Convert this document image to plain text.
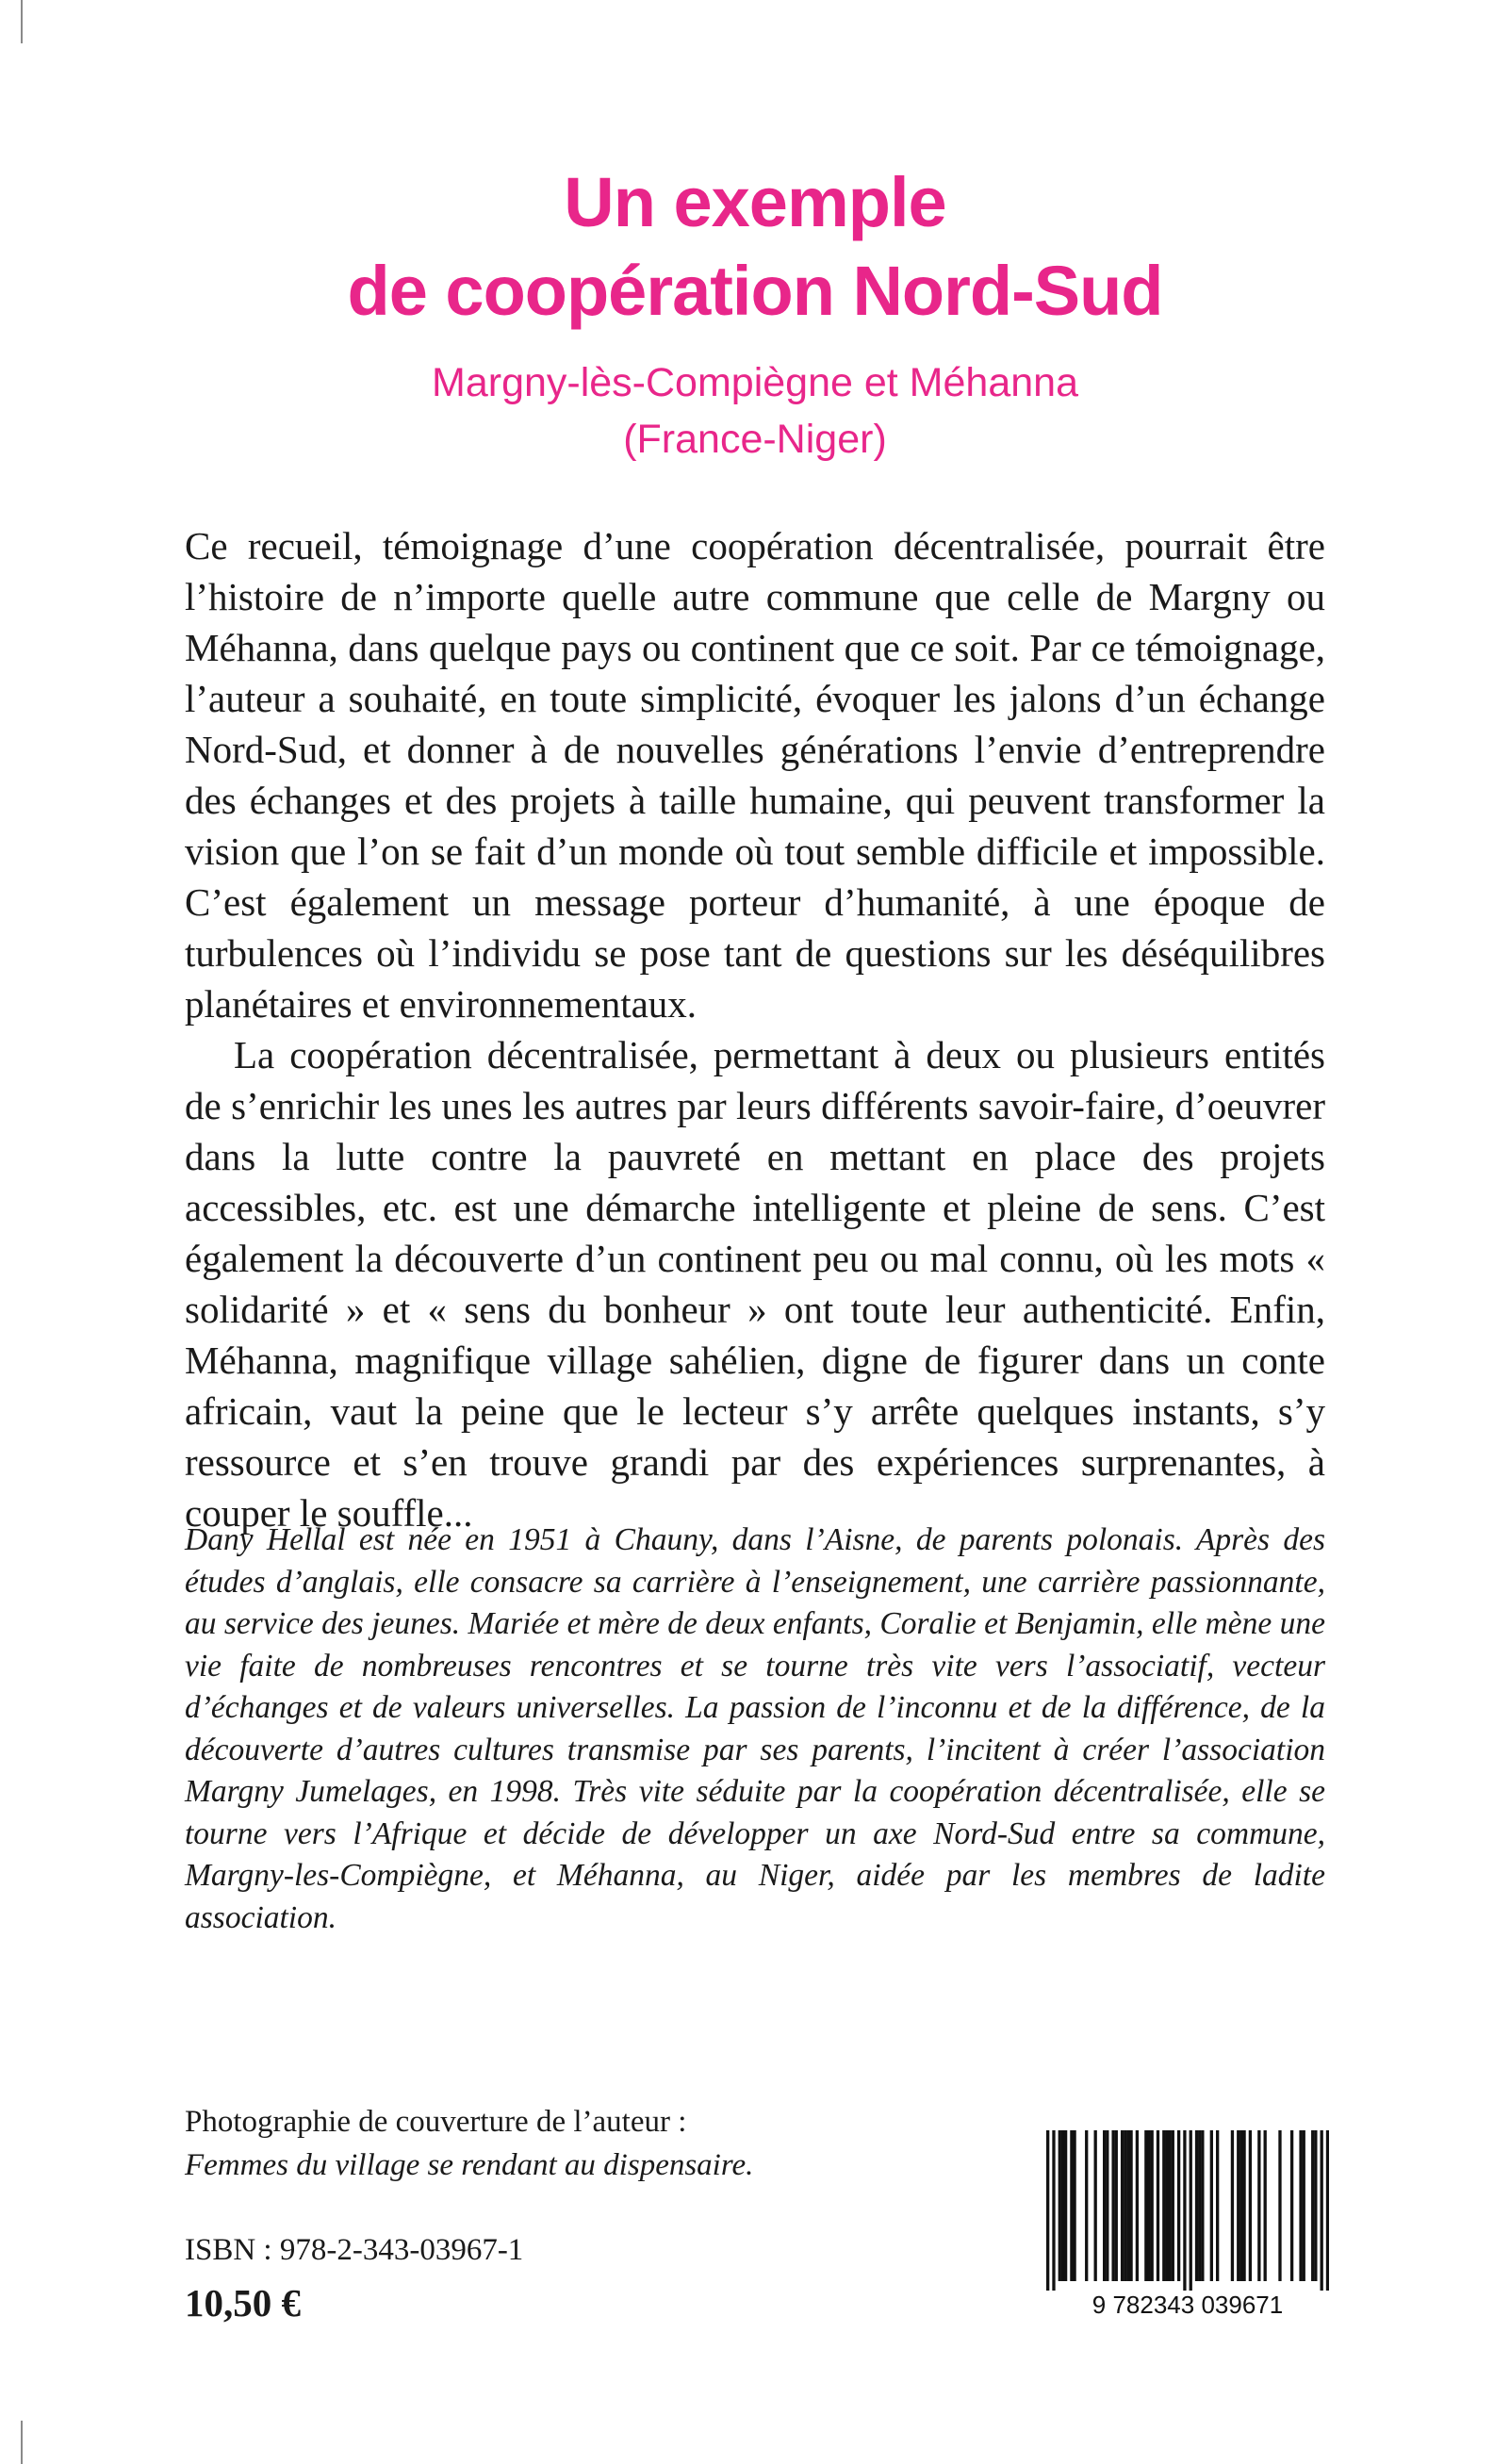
Un exemple
de coopération Nord-Sud
Margny-lès-Compiègne et Méhanna
(France-Niger)

Ce recueil, témoignage d’une coopération décentralisée, pourrait être l’histoire de n’importe quelle autre commune que celle de Margny ou Méhanna, dans quelque pays ou continent que ce soit. Par ce témoignage, l’auteur a souhaité, en toute simplicité, évoquer les jalons d’un échange Nord-Sud, et donner à de nouvelles générations l’envie d’entreprendre des échanges et des projets à taille humaine, qui peuvent transformer la vision que l’on se fait d’un monde où tout semble difficile et impossible. C’est également un message porteur d’humanité, à une époque de turbulences où l’individu se pose tant de questions sur les déséquilibres planétaires et environnementaux.

La coopération décentralisée, permettant à deux ou plusieurs entités de s’enrichir les unes les autres par leurs différents savoir-faire, d’oeuvrer dans la lutte contre la pauvreté en mettant en place des projets accessibles, etc. est une démarche intelligente et pleine de sens. C’est également la découverte d’un continent peu ou mal connu, où les mots « solidarité » et « sens du bonheur » ont toute leur authenticité. Enfin, Méhanna, magnifique village sahélien, digne de figurer dans un conte africain, vaut la peine que le lecteur s’y arrête quelques instants, s’y ressource et s’en trouve grandi par des expériences surprenantes, à couper le souffle...

Dany Hellal est née en 1951 à Chauny, dans l’Aisne, de parents polonais. Après des études d’anglais, elle consacre sa carrière à l’enseignement, une carrière passionnante, au service des jeunes. Mariée et mère de deux enfants, Coralie et Benjamin, elle mène une vie faite de nombreuses rencontres et se tourne très vite vers l’associatif, vecteur d’échanges et de valeurs universelles. La passion de l’inconnu et de la différence, de la découverte d’autres cultures transmise par ses parents, l’incitent à créer l’association Margny Jumelages, en 1998. Très vite séduite par la coopération décentralisée, elle se tourne vers l’Afrique et décide de développer un axe Nord-Sud entre sa commune, Margny-les-Compiègne, et Méhanna, au Niger, aidée par les membres de ladite association.

Photographie de couverture de l’auteur :
Femmes du village se rendant au dispensaire.
ISBN : 978-2-343-03967-1
10,50 €	9 782343 039671
